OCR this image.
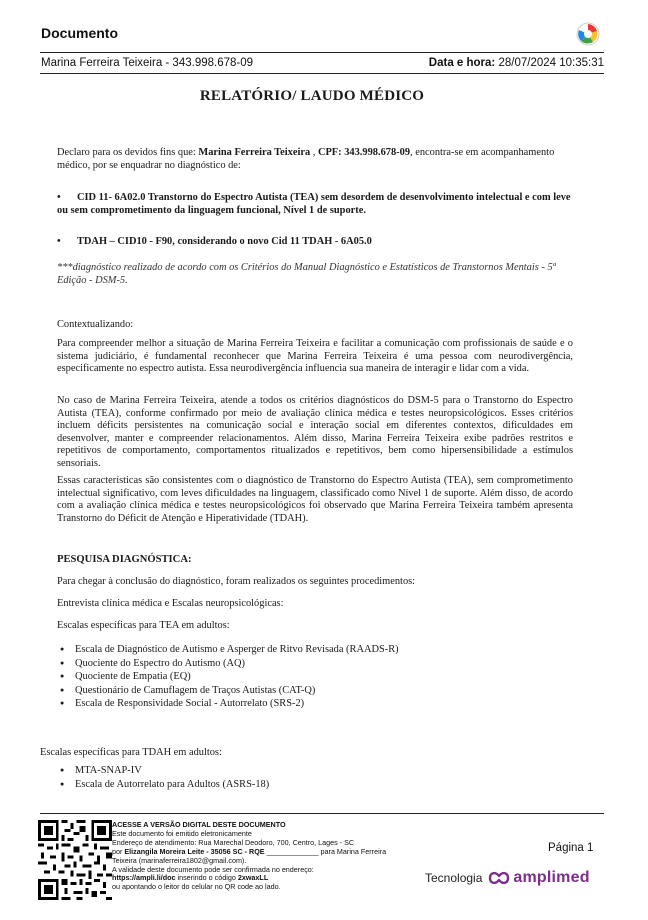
Documento
Marina Ferreira Teixeira - 343.998.678-09	Data e hora: 28/07/2024 10:35:31
RELATÓRIO/ LAUDO MÉDICO
Declaro para os devidos fins que: Marina Ferreira Teixeira , CPF: 343.998.678-09, encontra-se em acompanhamento médico, por se enquadrar no diagnóstico de:
• CID 11- 6A02.0 Transtorno do Espectro Autista (TEA) sem desordem de desenvolvimento intelectual e com leve ou sem comprometimento da linguagem funcional, Nível 1 de suporte.
• TDAH – CID10 - F90, considerando o novo Cid 11 TDAH - 6A05.0
***diagnóstico realizado de acordo com os Critérios do Manual Diagnóstico e Estatísticos de Transtornos Mentais - 5ª Edição - DSM-5.
Contextualizando:
Para compreender melhor a situação de Marina Ferreira Teixeira e facilitar a comunicação com profissionais de saúde e o sistema judiciário, é fundamental reconhecer que Marina Ferreira Teixeira é uma pessoa com neurodivergência, especificamente no espectro autista. Essa neurodivergência influencia sua maneira de interagir e lidar com a vida.
No caso de Marina Ferreira Teixeira, atende a todos os critérios diagnósticos do DSM-5 para o Transtorno do Espectro Autista (TEA), conforme confirmado por meio de avaliação clínica médica e testes neuropsicológicos. Esses critérios incluem déficits persistentes na comunicação social e interação social em diferentes contextos, dificuldades em desenvolver, manter e compreender relacionamentos. Além disso, Marina Ferreira Teixeira exibe padrões restritos e repetitivos de comportamento, comportamentos ritualizados e repetitivos, bem como hipersensibilidade a estímulos sensoriais.
Essas características são consistentes com o diagnóstico de Transtorno do Espectro Autista (TEA), sem comprometimento intelectual significativo, com leves dificuldades na linguagem, classificado como Nível 1 de suporte. Além disso, de acordo com a avaliação clínica médica e testes neuropsicológicos foi observado que Marina Ferreira Teixeira também apresenta Transtorno do Déficit de Atenção e Hiperatividade (TDAH).
PESQUISA DIAGNÓSTICA:
Para chegar à conclusão do diagnóstico, foram realizados os seguintes procedimentos:
Entrevista clínica médica e Escalas neuropsicológicas:
Escalas específicas para TEA em adultos:
● Escala de Diagnóstico de Autismo e Asperger de Ritvo Revisada (RAADS-R)
● Quociente do Espectro do Autismo (AQ)
● Quociente de Empatia (EQ)
● Questionário de Camuflagem de Traços Autistas (CAT-Q)
● Escala de Responsividade Social - Autorrelato (SRS-2)
Escalas específicas para TDAH em adultos:
● MTA-SNAP-IV
● Escala de Autorrelato para Adultos (ASRS-18)
ACESSE A VERSÃO DIGITAL DESTE DOCUMENTO
Este documento foi emitido eletronicamente
Endereço de atendimento: Rua Marechal Deodoro, 700, Centro, Lages - SC
por Elizangila Moreira Leite - 35056 SC - RQE _____________ para Marina Ferreira Teixeira (marinaferreira1802@gmail.com).
A validade deste documento pode ser confirmada no endereço:
https://ampli.li/doc inserindo o código 2xwaxLL
ou apontando o leitor do celular no QR code ao lado.
Página 1
Tecnologia amplimed
